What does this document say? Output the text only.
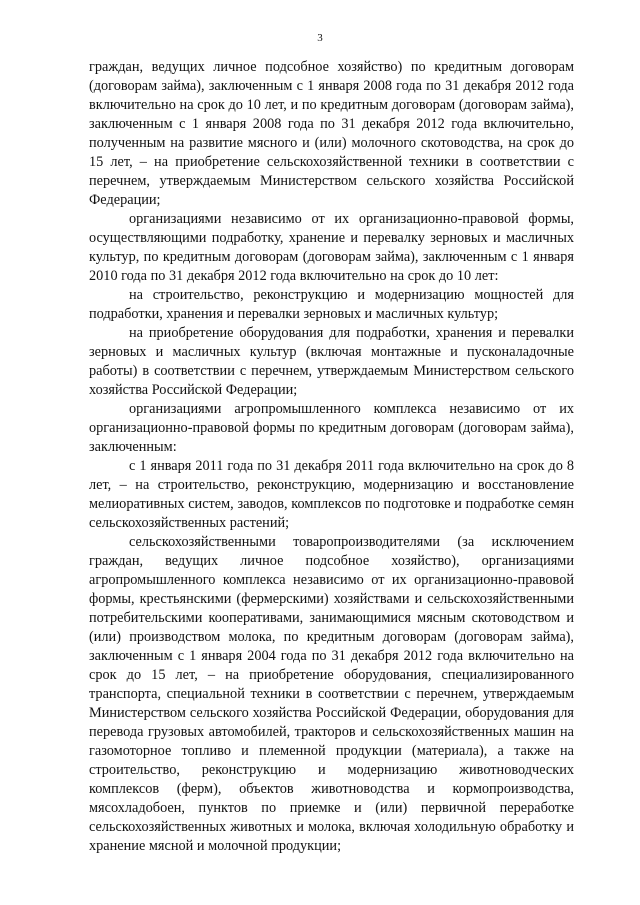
3

граждан, ведущих личное подсобное хозяйство) по кредитным договорам (договорам займа), заключенным с 1 января 2008 года по 31 декабря 2012 года включительно на срок до 10 лет, и по кредитным договорам (договорам займа), заключенным с 1 января 2008 года по 31 декабря 2012 года включительно, полученным на развитие мясного и (или) молочного скотоводства, на срок до 15 лет, – на приобретение сельскохозяйственной техники в соответствии с перечнем, утверждаемым Министерством сельского хозяйства Российской Федерации;

организациями независимо от их организационно-правовой формы, осуществляющими подработку, хранение и перевалку зерновых и масличных культур, по кредитным договорам (договорам займа), заключенным с 1 января 2010 года по 31 декабря 2012 года включительно на срок до 10 лет:

на строительство, реконструкцию и модернизацию мощностей для подработки, хранения и перевалки зерновых и масличных культур;

на приобретение оборудования для подработки, хранения и перевалки зерновых и масличных культур (включая монтажные и пусконаладочные работы) в соответствии с перечнем, утверждаемым Министерством сельского хозяйства Российской Федерации;

организациями агропромышленного комплекса независимо от их организационно-правовой формы по кредитным договорам (договорам займа), заключенным:

с 1 января 2011 года по 31 декабря 2011 года включительно на срок до 8 лет, – на строительство, реконструкцию, модернизацию и восстановление мелиоративных систем, заводов, комплексов по подготовке и подработке семян сельскохозяйственных растений;

сельскохозяйственными товаропроизводителями (за исключением граждан, ведущих личное подсобное хозяйство), организациями агропромышленного комплекса независимо от их организационно-правовой формы, крестьянскими (фермерскими) хозяйствами и сельскохозяйственными потребительскими кооперативами, занимающимися мясным скотоводством и (или) производством молока, по кредитным договорам (договорам займа), заключенным с 1 января 2004 года по 31 декабря 2012 года включительно на срок до 15 лет, – на приобретение оборудования, специализированного транспорта, специальной техники в соответствии с перечнем, утверждаемым Министерством сельского хозяйства Российской Федерации, оборудования для перевода грузовых автомобилей, тракторов и сельскохозяйственных машин на газомоторное топливо и племенной продукции (материала), а также на строительство, реконструкцию и модернизацию животноводческих комплексов (ферм), объектов животноводства и кормопроизводства, мясохладобоен, пунктов по приемке и (или) первичной переработке сельскохозяйственных животных и молока, включая холодильную обработку и хранение мясной и молочной продукции;
